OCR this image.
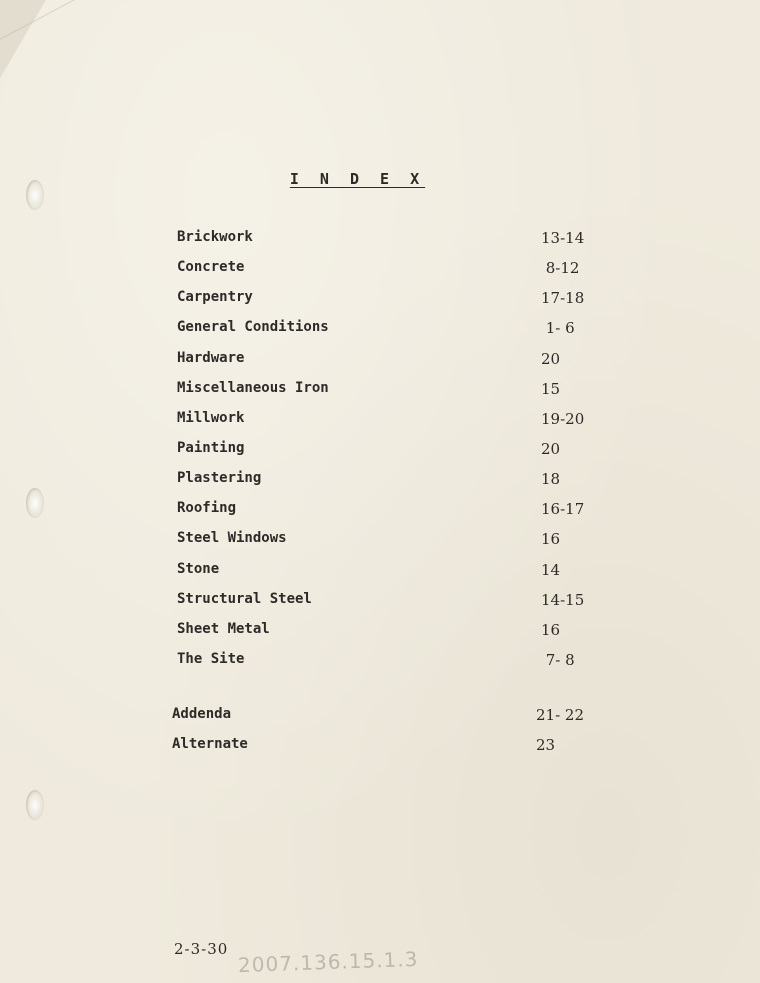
I N D E X
Brickwork	13-14
Concrete	8-12
Carpentry	17-18
General Conditions	1- 6
Hardware	20
Miscellaneous Iron	15
Millwork	19-20
Painting	20
Plastering	18
Roofing	16-17
Steel Windows	16
Stone	14
Structural Steel	14-15
Sheet Metal	16
The Site	7- 8
Addenda	21- 22
Alternate	23
2-3-30 2007.136.15.1.3
